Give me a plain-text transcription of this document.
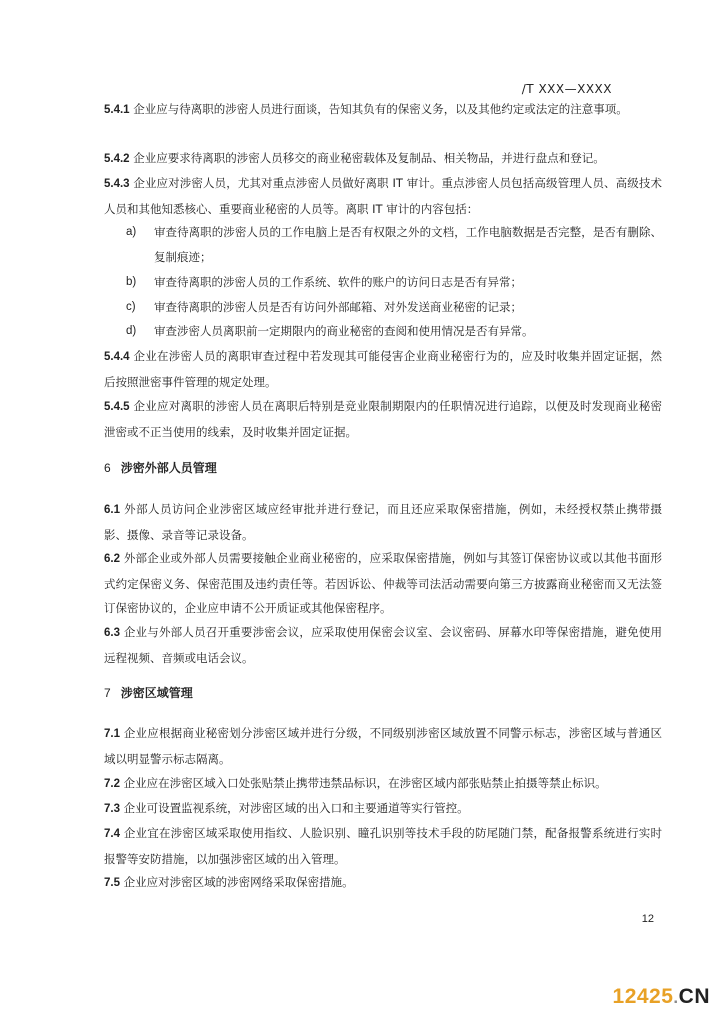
/T XXX—XXXX
5.4.1 企业应与待离职的涉密人员进行面谈，告知其负有的保密义务，以及其他约定或法定的注意事项。
5.4.2 企业应要求待离职的涉密人员移交的商业秘密载体及复制品、相关物品，并进行盘点和登记。
5.4.3 企业应对涉密人员，尤其对重点涉密人员做好离职 IT 审计。重点涉密人员包括高级管理人员、高级技术人员和其他知悉核心、重要商业秘密的人员等。离职 IT 审计的内容包括：
a) 审查待离职的涉密人员的工作电脑上是否有权限之外的文档，工作电脑数据是否完整，是否有删除、复制痕迹；
b) 审查待离职的涉密人员的工作系统、软件的账户的访问日志是否有异常；
c) 审查待离职的涉密人员是否有访问外部邮箱、对外发送商业秘密的记录；
d) 审查涉密人员离职前一定期限内的商业秘密的查阅和使用情况是否有异常。
5.4.4 企业在涉密人员的离职审查过程中若发现其可能侵害企业商业秘密行为的，应及时收集并固定证据，然后按照泄密事件管理的规定处理。
5.4.5 企业应对离职的涉密人员在离职后特别是竞业限制期限内的任职情况进行追踪，以便及时发现商业秘密泄密或不正当使用的线索，及时收集并固定证据。
6 涉密外部人员管理
6.1 外部人员访问企业涉密区域应经审批并进行登记，而且还应采取保密措施，例如，未经授权禁止携带摄影、摄像、录音等记录设备。
6.2 外部企业或外部人员需要接触企业商业秘密的，应采取保密措施，例如与其签订保密协议或以其他书面形式约定保密义务、保密范围及违约责任等。若因诉讼、仲裁等司法活动需要向第三方披露商业秘密而又无法签订保密协议的，企业应申请不公开质证或其他保密程序。
6.3 企业与外部人员召开重要涉密会议，应采取使用保密会议室、会议密码、屏幕水印等保密措施，避免使用远程视频、音频或电话会议。
7 涉密区域管理
7.1 企业应根据商业秘密划分涉密区域并进行分级，不同级别涉密区域放置不同警示标志，涉密区域与普通区域以明显警示标志隔离。
7.2 企业应在涉密区域入口处张贴禁止携带违禁品标识，在涉密区域内部张贴禁止拍摄等禁止标识。
7.3 企业可设置监视系统，对涉密区域的出入口和主要通道等实行管控。
7.4 企业宜在涉密区域采取使用指纹、人脸识别、瞳孔识别等技术手段的防尾随门禁，配备报警系统进行实时报警等安防措施，以加强涉密区域的出入管理。
7.5 企业应对涉密区域的涉密网络采取保密措施。
12
12425.CN
